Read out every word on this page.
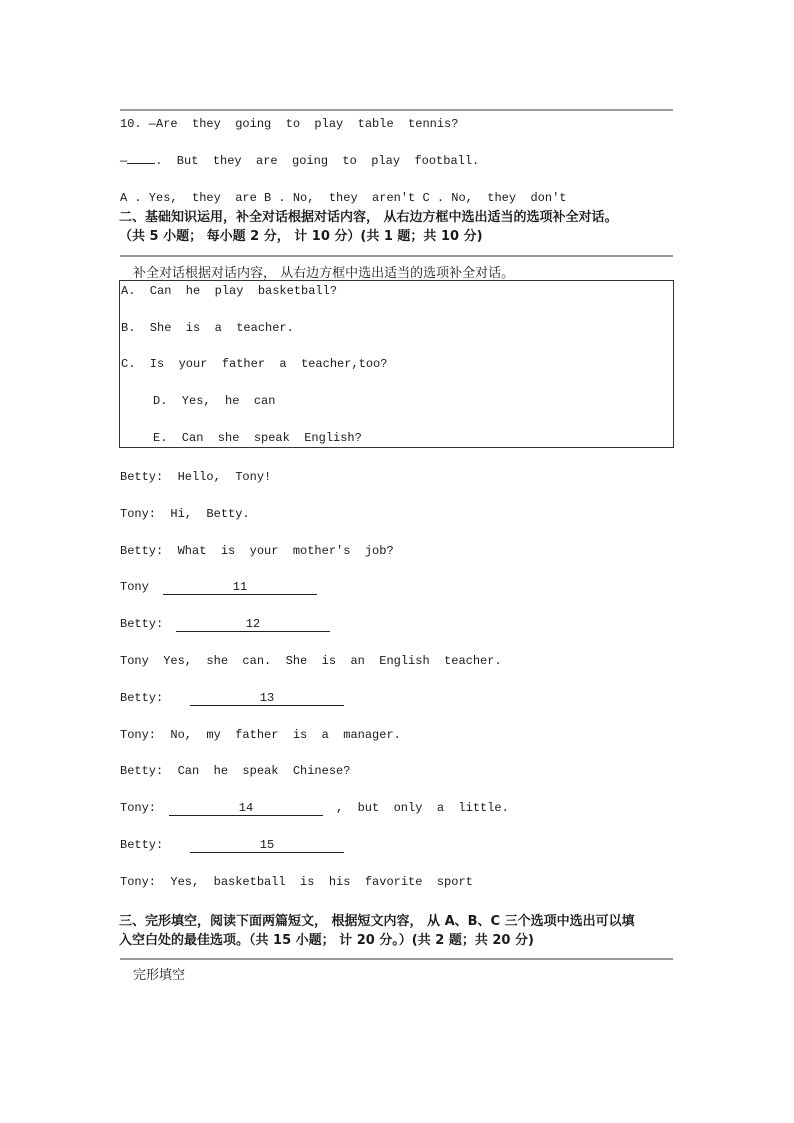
10. —Are  they  going  to  play  table  tennis?
— .  But  they  are  going  to  play  football.
A . Yes,  they  are B . No,  they  aren't C . No,  they  don't
二、基础知识运用，补全对话根据对话内容， 从右边方框中选出适当的选项补全对话。
（共 5 小题； 每小题 2 分， 计 10 分）(共 1 题；共 10 分)
补全对话根据对话内容， 从右边方框中选出适当的选项补全对话。
A.  Can  he  play  basketball?
B.  She  is  a  teacher.
C.  Is  your  father  a  teacher,too?
D.  Yes,  he  can
E.  Can  she  speak  English?
Betty:  Hello,  Tony!
Tony:  Hi,  Betty.
Betty:  What  is  your  mother's  job?
Tony	11
Betty:	12
Tony  Yes,  she  can.  She  is  an  English  teacher.
Betty:	13
Tony:  No,  my  father  is  a  manager.
Betty:  Can  he  speak  Chinese?
Tony:	14	,  but  only  a  little.
Betty:	15
Tony:  Yes,  basketball  is  his  favorite  sport
三、完形填空，阅读下面两篇短文， 根据短文内容， 从 A、B、C 三个选项中选出可以填
入空白处的最佳选项。（共 15 小题； 计 20 分。）(共 2 题；共 20 分)
完形填空
